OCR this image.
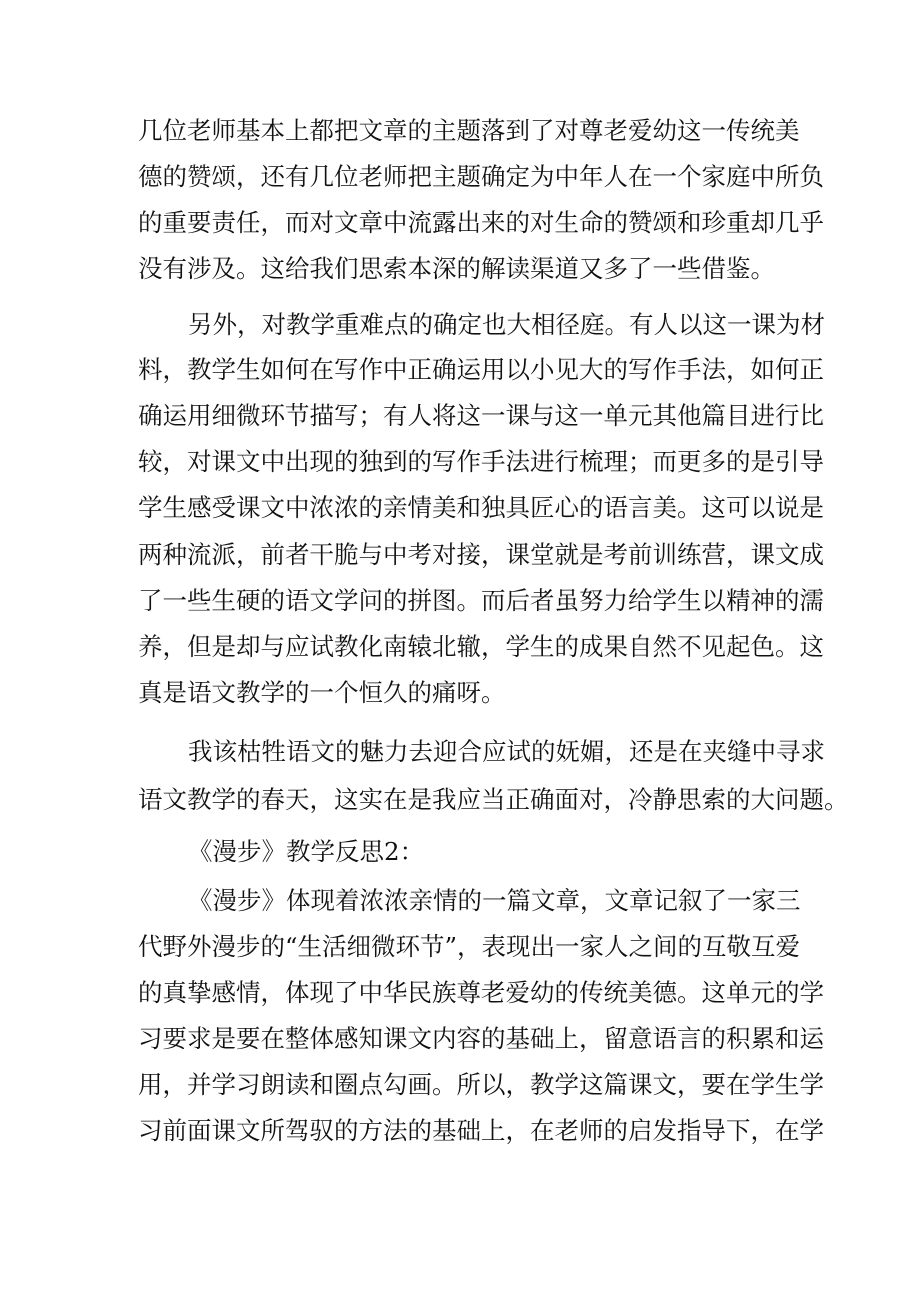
几位老师基本上都把文章的主题落到了对尊老爱幼这一传统美
德的赞颂，还有几位老师把主题确定为中年人在一个家庭中所负
的重要责任，而对文章中流露出来的对生命的赞颂和珍重却几乎
没有涉及。这给我们思索本深的解读渠道又多了一些借鉴。
另外，对教学重难点的确定也大相径庭。有人以这一课为材
料，教学生如何在写作中正确运用以小见大的写作手法，如何正
确运用细微环节描写；有人将这一课与这一单元其他篇目进行比
较，对课文中出现的独到的写作手法进行梳理；而更多的是引导
学生感受课文中浓浓的亲情美和独具匠心的语言美。这可以说是
两种流派，前者干脆与中考对接，课堂就是考前训练营，课文成
了一些生硬的语文学问的拼图。而后者虽努力给学生以精神的濡
养，但是却与应试教化南辕北辙，学生的成果自然不见起色。这
真是语文教学的一个恒久的痛呀。
我该枯牲语文的魅力去迎合应试的妩媚，还是在夹缝中寻求
语文教学的春天，这实在是我应当正确面对，冷静思索的大问题。
《漫步》教学反思2：
《漫步》体现着浓浓亲情的一篇文章，文章记叙了一家三
代野外漫步的“生活细微环节”，表现出一家人之间的互敬互爱
的真挚感情，体现了中华民族尊老爱幼的传统美德。这单元的学
习要求是要在整体感知课文内容的基础上，留意语言的积累和运
用，并学习朗读和圈点勾画。所以，教学这篇课文，要在学生学
习前面课文所驾驭的方法的基础上，在老师的启发指导下，在学
